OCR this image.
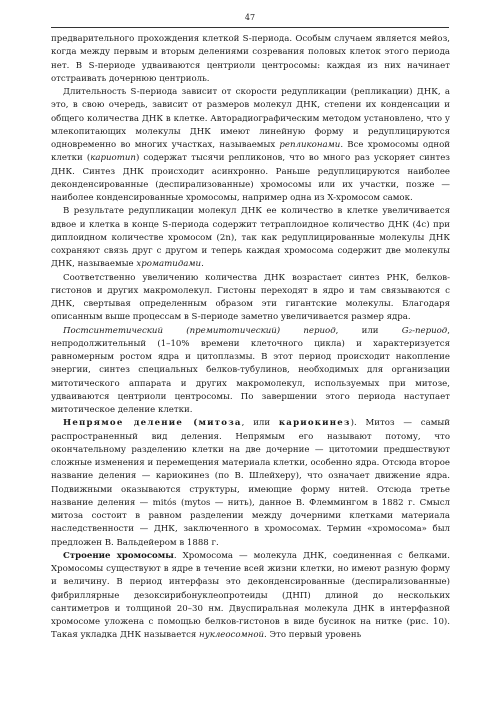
47

предварительного прохождения клеткой S-периода. Особым случаем является мейоз, когда между первым и вторым делениями созревания половых клеток этого периода нет. В S-периоде удваиваются центриоли центросомы: каждая из них начинает отстраивать дочернюю центриоль.

Длительность S-периода зависит от скорости редупликации (репликации) ДНК, а это, в свою очередь, зависит от размеров молекул ДНК, степени их конденсации и общего количества ДНК в клетке. Авторадиографическим методом установлено, что у млекопитающих молекулы ДНК имеют линейную форму и редуплицируются одновременно во многих участках, называемых репликонами. Все хромосомы одной клетки (кариотип) содержат тысячи репликонов, что во много раз ускоряет синтез ДНК. Синтез ДНК происходит асинхронно. Раньше редуплицируются наиболее деконденсированные (деспирализованные) хромосомы или их участки, позже — наиболее конденсированные хромосомы, например одна из X-хромосом самок.

В результате редупликации молекул ДНК ее количество в клетке увеличивается вдвое и клетка в конце S-периода содержит тетраплоидное количество ДНК (4с) при диплоидном количестве хромосом (2n), так как редуплицированные молекулы ДНК сохраняют связь друг с другом и теперь каждая хромосома содержит две молекулы ДНК, называемые хроматидами.

Соответственно увеличению количества ДНК возрастает синтез РНК, белков-гистонов и других макромолекул. Гистоны переходят в ядро и там связываются с ДНК, свертывая определенным образом эти гигантские молекулы. Благодаря описанным выше процессам в S-периоде заметно увеличивается размер ядра.

Постсинтетический (премитотический) период, или G₂-период, непродолжительный (1–10% времени клеточного цикла) и характеризуется равномерным ростом ядра и цитоплазмы. В этот период происходит накопление энергии, синтез специальных белков-тубулинов, необходимых для организации митотического аппарата и других макромолекул, используемых при митозе, удваиваются центриоли центросомы. По завершении этого периода наступает митотическое деление клетки.

Непрямое деление (митоза, или кариокинез). Митоз — самый распространенный вид деления. Непрямым его называют потому, что окончательному разделению клетки на две дочерние — цитотомии предшествуют сложные изменения и перемещения материала клетки, особенно ядра. Отсюда второе название деления — кариокинез (по В. Шлейхеру), что означает движение ядра. Подвижными оказываются структуры, имеющие форму нитей. Отсюда третье название деления — mitós (mytos — нить), данное В. Флеммингом в 1882 г. Смысл митоза состоит в равном разделении между дочерними клетками материала наследственности — ДНК, заключенного в хромосомах. Термин «хромосома» был предложен В. Вальдейером в 1888 г.

Строение хромосомы. Хромосома — молекула ДНК, соединенная с белками. Хромосомы существуют в ядре в течение всей жизни клетки, но имеют разную форму и величину. В период интерфазы это деконденсированные (деспирализованные) фибриллярные дезоксирибонуклеопротеиды (ДНП) длиной до нескольких сантиметров и толщиной 20–30 нм. Двуспиральная молекула ДНК в интерфазной хромосоме уложена с помощью белков-гистонов в виде бусинок на нитке (рис. 10). Такая укладка ДНК называется нуклеосомной. Это первый уровень
